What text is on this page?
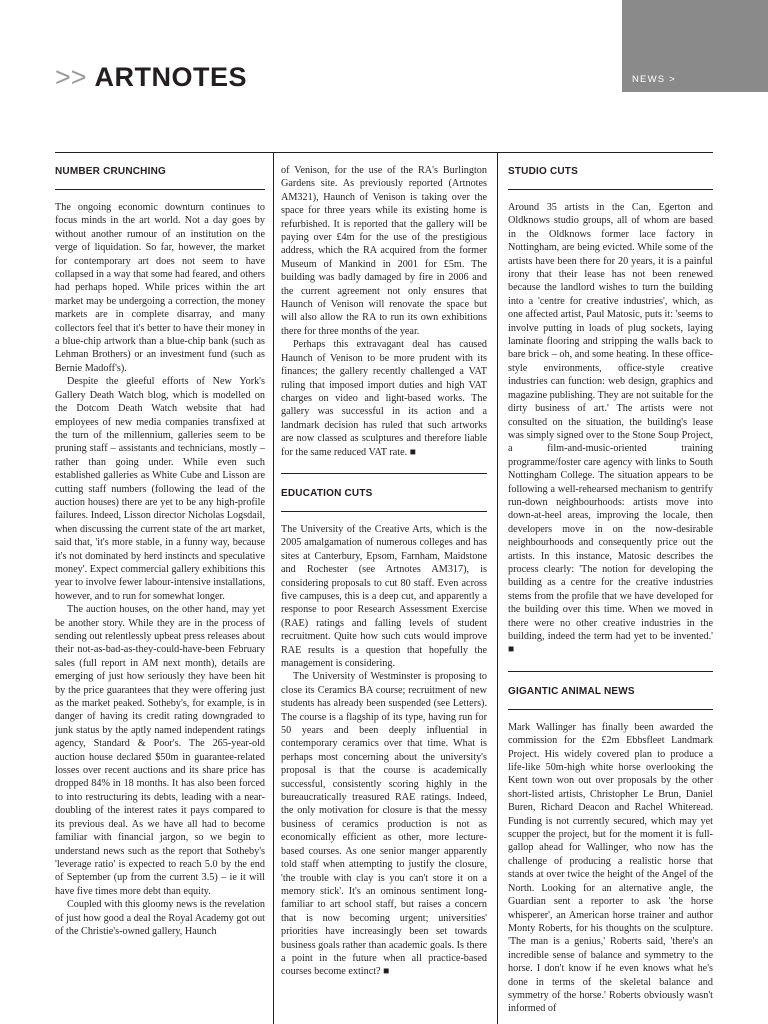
NEWS >
>> ARTNOTES
NUMBER CRUNCHING

The ongoing economic downturn continues to focus minds in the art world. Not a day goes by without another rumour of an institution on the verge of liquidation. So far, however, the market for contemporary art does not seem to have collapsed in a way that some had feared, and others had perhaps hoped. While prices within the art market may be undergoing a correction, the money markets are in complete disarray, and many collectors feel that it's better to have their money in a blue-chip artwork than a blue-chip bank (such as Lehman Brothers) or an investment fund (such as Bernie Madoff's).

Despite the gleeful efforts of New York's Gallery Death Watch blog, which is modelled on the Dotcom Death Watch website that had employees of new media companies transfixed at the turn of the millennium, galleries seem to be pruning staff – assistants and technicians, mostly – rather than going under. While even such established galleries as White Cube and Lisson are cutting staff numbers (following the lead of the auction houses) there are yet to be any high-profile failures. Indeed, Lisson director Nicholas Logsdail, when discussing the current state of the art market, said that, 'it's more stable, in a funny way, because it's not dominated by herd instincts and speculative money'. Expect commercial gallery exhibitions this year to involve fewer labour-intensive installations, however, and to run for somewhat longer.

The auction houses, on the other hand, may yet be another story. While they are in the process of sending out relentlessly upbeat press releases about their not-as-bad-as-they-could-have-been February sales (full report in AM next month), details are emerging of just how seriously they have been hit by the price guarantees that they were offering just as the market peaked. Sotheby's, for example, is in danger of having its credit rating downgraded to junk status by the aptly named independent ratings agency, Standard & Poor's. The 265-year-old auction house declared $50m in guarantee-related losses over recent auctions and its share price has dropped 84% in 18 months. It has also been forced to into restructuring its debts, leading with a near-doubling of the interest rates it pays compared to its previous deal. As we have all had to become familiar with financial jargon, so we begin to understand news such as the report that Sotheby's 'leverage ratio' is expected to reach 5.0 by the end of September (up from the current 3.5) – ie it will have five times more debt than equity.

Coupled with this gloomy news is the revelation of just how good a deal the Royal Academy got out of the Christie's-owned gallery, Haunch

of Venison, for the use of the RA's Burlington Gardens site. As previously reported (Artnotes AM321), Haunch of Venison is taking over the space for three years while its existing home is refurbished. It is reported that the gallery will be paying over £4m for the use of the prestigious address, which the RA acquired from the former Museum of Mankind in 2001 for £5m. The building was badly damaged by fire in 2006 and the current agreement not only ensures that Haunch of Venison will renovate the space but will also allow the RA to run its own exhibitions there for three months of the year.

Perhaps this extravagant deal has caused Haunch of Venison to be more prudent with its finances; the gallery recently challenged a VAT ruling that imposed import duties and high VAT charges on video and light-based works. The gallery was successful in its action and a landmark decision has ruled that such artworks are now classed as sculptures and therefore liable for the same reduced VAT rate. ■

EDUCATION CUTS

The University of the Creative Arts, which is the 2005 amalgamation of numerous colleges and has sites at Canterbury, Epsom, Farnham, Maidstone and Rochester (see Artnotes AM317), is considering proposals to cut 80 staff. Even across five campuses, this is a deep cut, and apparently a response to poor Research Assessment Exercise (RAE) ratings and falling levels of student recruitment. Quite how such cuts would improve RAE results is a question that hopefully the management is considering.

The University of Westminster is proposing to close its Ceramics BA course; recruitment of new students has already been suspended (see Letters). The course is a flagship of its type, having run for 50 years and been deeply influential in contemporary ceramics over that time. What is perhaps most concerning about the university's proposal is that the course is academically successful, consistently scoring highly in the bureaucratically treasured RAE ratings. Indeed, the only motivation for closure is that the messy business of ceramics production is not as economically efficient as other, more lecture-based courses. As one senior manger apparently told staff when attempting to justify the closure, 'the trouble with clay is you can't store it on a memory stick'. It's an ominous sentiment long-familiar to art school staff, but raises a concern that is now becoming urgent; universities' priorities have increasingly been set towards business goals rather than academic goals. Is there a point in the future when all practice-based courses become extinct? ■

STUDIO CUTS

Around 35 artists in the Can, Egerton and Oldknows studio groups, all of whom are based in the Oldknows former lace factory in Nottingham, are being evicted. While some of the artists have been there for 20 years, it is a painful irony that their lease has not been renewed because the landlord wishes to turn the building into a 'centre for creative industries', which, as one affected artist, Paul Matosic, puts it: 'seems to involve putting in loads of plug sockets, laying laminate flooring and stripping the walls back to bare brick – oh, and some heating. In these office-style environments, office-style creative industries can function: web design, graphics and magazine publishing. They are not suitable for the dirty business of art.' The artists were not consulted on the situation, the building's lease was simply signed over to the Stone Soup Project, a film-and-music-oriented training programme/foster care agency with links to South Nottingham College. The situation appears to be following a well-rehearsed mechanism to gentrify run-down neighbourhoods: artists move into down-at-heel areas, improving the locale, then developers move in on the now-desirable neighbourhoods and consequently price out the artists. In this instance, Matosic describes the process clearly: 'The notion for developing the building as a centre for the creative industries stems from the profile that we have developed for the building over this time. When we moved in there were no other creative industries in the building, indeed the term had yet to be invented.' ■

GIGANTIC ANIMAL NEWS

Mark Wallinger has finally been awarded the commission for the £2m Ebbsfleet Landmark Project. His widely covered plan to produce a life-like 50m-high white horse overlooking the Kent town won out over proposals by the other short-listed artists, Christopher Le Brun, Daniel Buren, Richard Deacon and Rachel Whiteread. Funding is not currently secured, which may yet scupper the project, but for the moment it is full-gallop ahead for Wallinger, who now has the challenge of producing a realistic horse that stands at over twice the height of the Angel of the North. Looking for an alternative angle, the Guardian sent a reporter to ask 'the horse whisperer', an American horse trainer and author Monty Roberts, for his thoughts on the sculpture. 'The man is a genius,' Roberts said, 'there's an incredible sense of balance and symmetry to the horse. I don't know if he even knows what he's done in terms of the skeletal balance and symmetry of the horse.' Roberts obviously wasn't informed of
